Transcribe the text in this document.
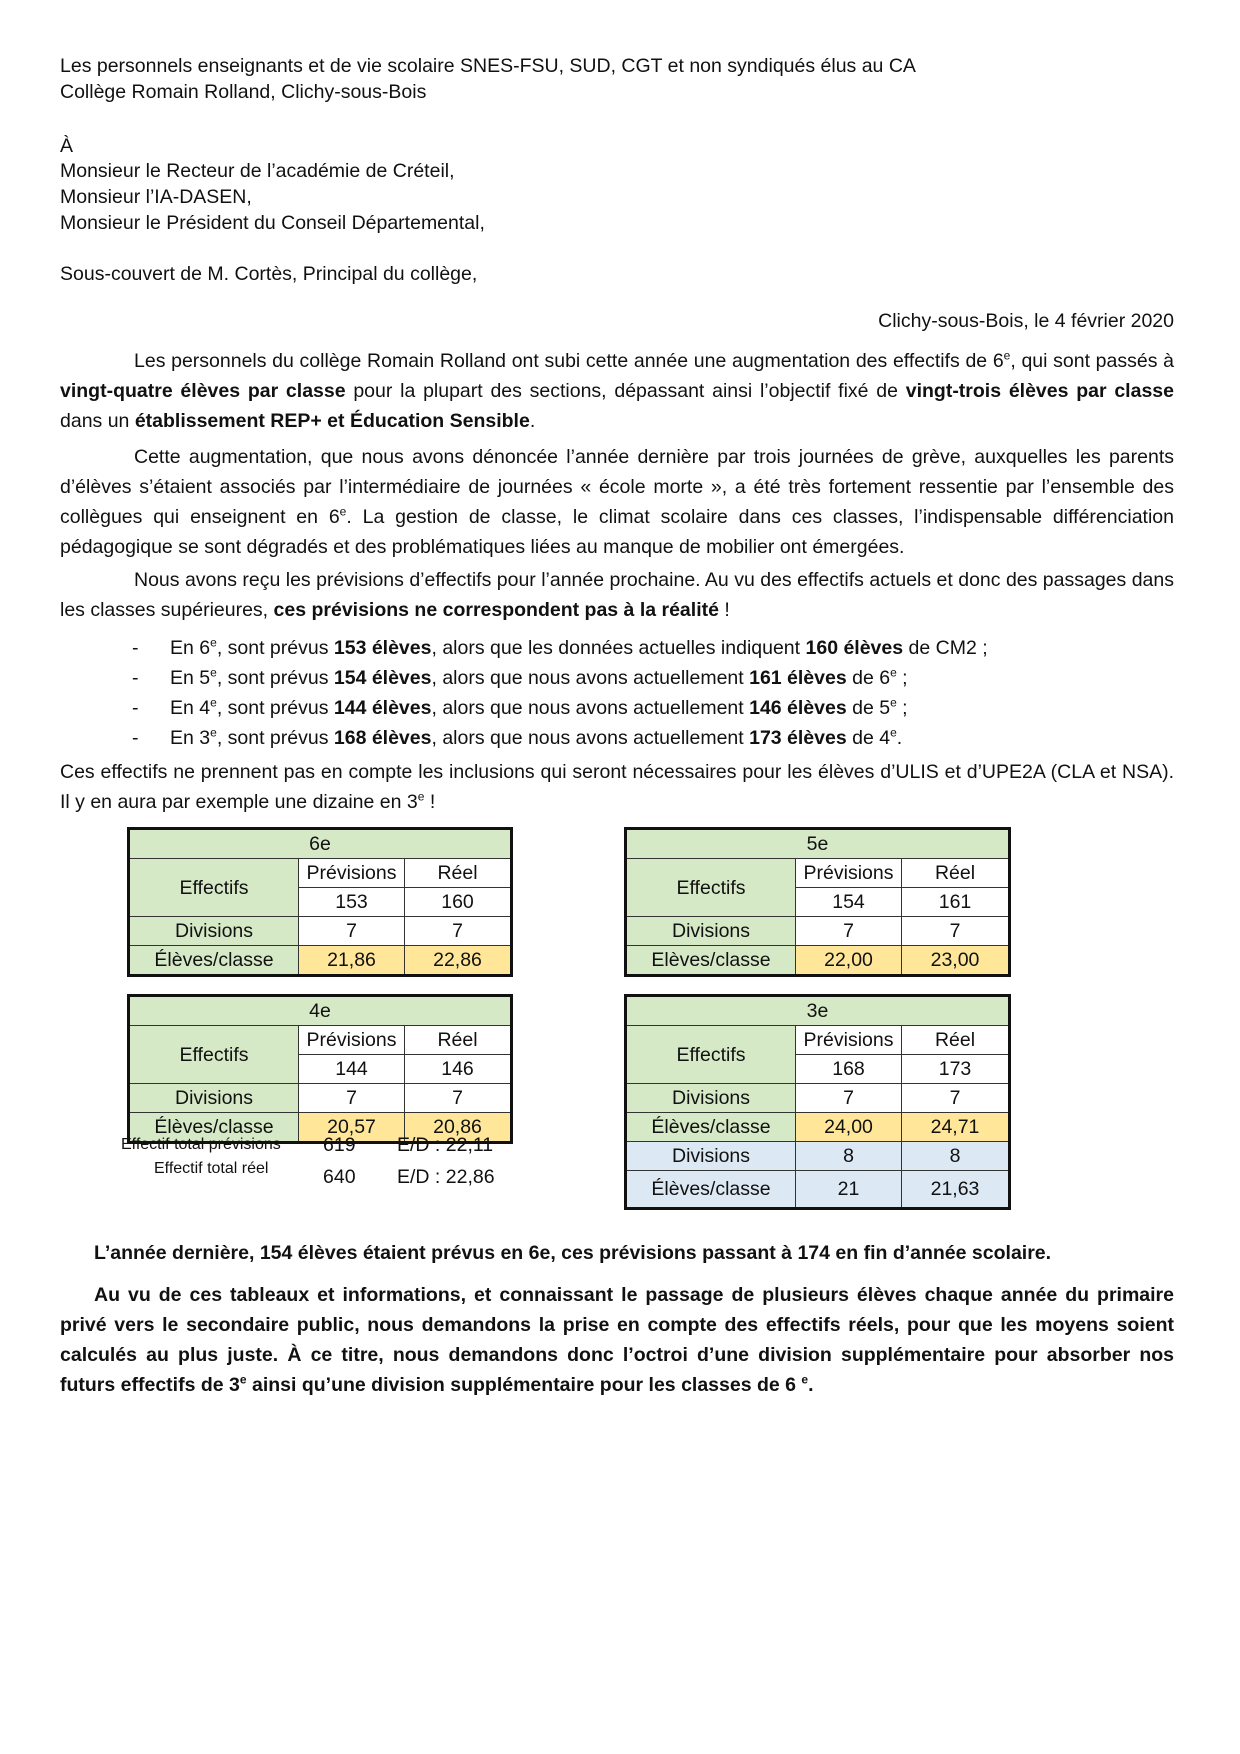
Les personnels enseignants et de vie scolaire SNES-FSU, SUD, CGT et non syndiqués élus au CA
Collège Romain Rolland, Clichy-sous-Bois
À
Monsieur le Recteur de l’académie de Créteil,
Monsieur l’IA-DASEN,
Monsieur le Président du Conseil Départemental,
Sous-couvert de M. Cortès, Principal du collège,
Clichy-sous-Bois, le 4 février 2020

Les personnels du collège Romain Rolland ont subi cette année une augmentation des effectifs de 6e, qui sont passés à vingt-quatre élèves par classe pour la plupart des sections, dépassant ainsi l’objectif fixé de vingt-trois élèves par classe dans un établissement REP+ et Éducation Sensible.

Cette augmentation, que nous avons dénoncée l’année dernière par trois journées de grève, auxquelles les parents d’élèves s’étaient associés par l’intermédiaire de journées « école morte », a été très fortement ressentie par l’ensemble des collègues qui enseignent en 6e. La gestion de classe, le climat scolaire dans ces classes, l’indispensable différenciation pédagogique se sont dégradés et des problématiques liées au manque de mobilier ont émergées.

Nous avons reçu les prévisions d’effectifs pour l’année prochaine. Au vu des effectifs actuels et donc des passages dans les classes supérieures, ces prévisions ne correspondent pas à la réalité !

- En 6e, sont prévus 153 élèves, alors que les données actuelles indiquent 160 élèves de CM2 ;
- En 5e, sont prévus 154 élèves, alors que nous avons actuellement 161 élèves de 6e ;
- En 4e, sont prévus 144 élèves, alors que nous avons actuellement 146 élèves de 5e ;
- En 3e, sont prévus 168 élèves, alors que nous avons actuellement 173 élèves de 4e.

Ces effectifs ne prennent pas en compte les inclusions qui seront nécessaires pour les élèves d’ULIS et d’UPE2A (CLA et NSA). Il y en aura par exemple une dizaine en 3e !

6e		
Effectifs	Prévisions	Réel
	153	160
Divisions	7	7
Élèves/classe	21,86	22,86
5e		
Effectifs	Prévisions	Réel
	154	161
Divisions	7	7
Elèves/classe	22,00	23,00
4e		
Effectifs	Prévisions	Réel
	144	146
Divisions	7	7
Élèves/classe	20,57	20,86
Effectif total prévisions 619 E/D : 22,11
Effectif total réel	640 E/D : 22,86
3e		
Effectifs	Prévisions	Réel
	168	173
Divisions	7	7
Élèves/classe	24,00	24,71
Divisions	8	8
Élèves/classe	21	21,63

L’année dernière, 154 élèves étaient prévus en 6e, ces prévisions passant à 174 en fin d’année scolaire.

Au vu de ces tableaux et informations, et connaissant le passage de plusieurs élèves chaque année du primaire privé vers le secondaire public, nous demandons la prise en compte des effectifs réels, pour que les moyens soient calculés au plus juste. À ce titre, nous demandons donc l’octroi d’une division supplémentaire pour absorber nos futurs effectifs de 3e ainsi qu’une division supplémentaire pour les classes de 6 $^e$.
